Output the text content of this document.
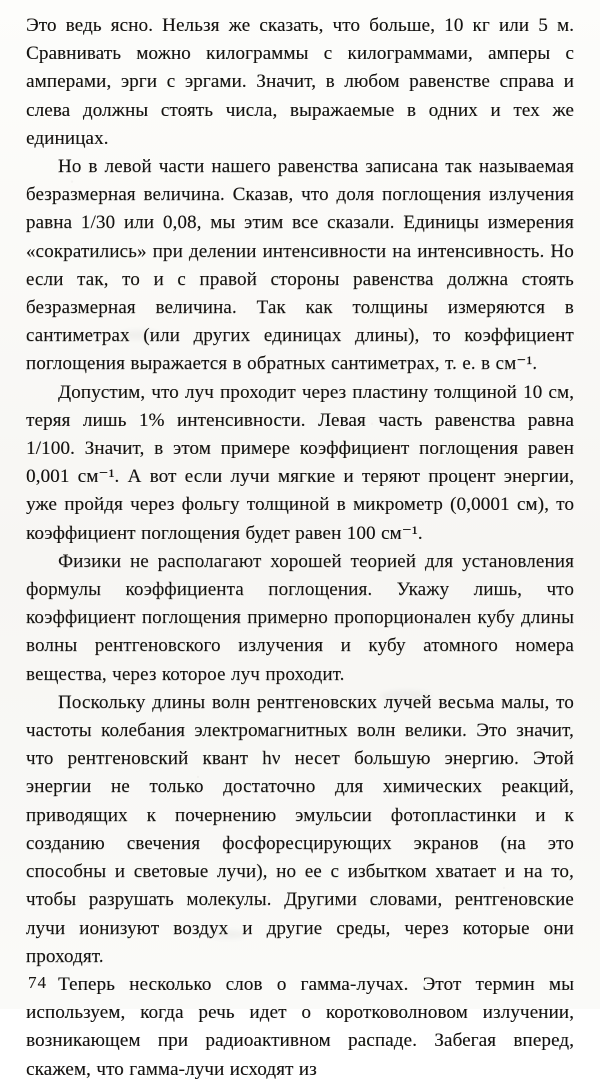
Это ведь ясно. Нельзя же сказать, что больше, 10 кг или 5 м. Сравнивать можно килограммы с килограммами, амперы с амперами, эрги с эргами. Значит, в любом равенстве справа и слева должны стоять числа, выражаемые в одних и тех же единицах.

Но в левой части нашего равенства записана так называемая безразмерная величина. Сказав, что доля поглощения излучения равна 1/30 или 0,08, мы этим все сказали. Единицы измерения «сократились» при делении интенсивности на интенсивность. Но если так, то и с правой стороны равенства должна стоять безразмерная величина. Так как толщины измеряются в сантиметрах (или других единицах длины), то коэффициент поглощения выражается в обратных сантиметрах, т. е. в см⁻¹.

Допустим, что луч проходит через пластину толщиной 10 см, теряя лишь 1% интенсивности. Левая часть равенства равна 1/100. Значит, в этом примере коэффициент поглощения равен 0,001 см⁻¹. А вот если лучи мягкие и теряют процент энергии, уже пройдя через фольгу толщиной в микрометр (0,0001 см), то коэффициент поглощения будет равен 100 см⁻¹.

Физики не располагают хорошей теорией для установления формулы коэффициента поглощения. Укажу лишь, что коэффициент поглощения примерно пропорционален кубу длины волны рентгеновского излучения и кубу атомного номера вещества, через которое луч проходит.

Поскольку длины волн рентгеновских лучей весьма малы, то частоты колебания электромагнитных волн велики. Это значит, что рентгеновский квант hν несет большую энергию. Этой энергии не только достаточно для химических реакций, приводящих к почернению эмульсии фотопластинки и к созданию свечения фосфоресцирующих экранов (на это способны и световые лучи), но ее с избытком хватает и на то, чтобы разрушать молекулы. Другими словами, рентгеновские лучи ионизуют воздух и другие среды, через которые они проходят.

Теперь несколько слов о гамма-лучах. Этот термин мы используем, когда речь идет о коротковолновом излучении, возникающем при радиоактивном распаде. Забегая вперед, скажем, что гамма-лучи исходят из

74
